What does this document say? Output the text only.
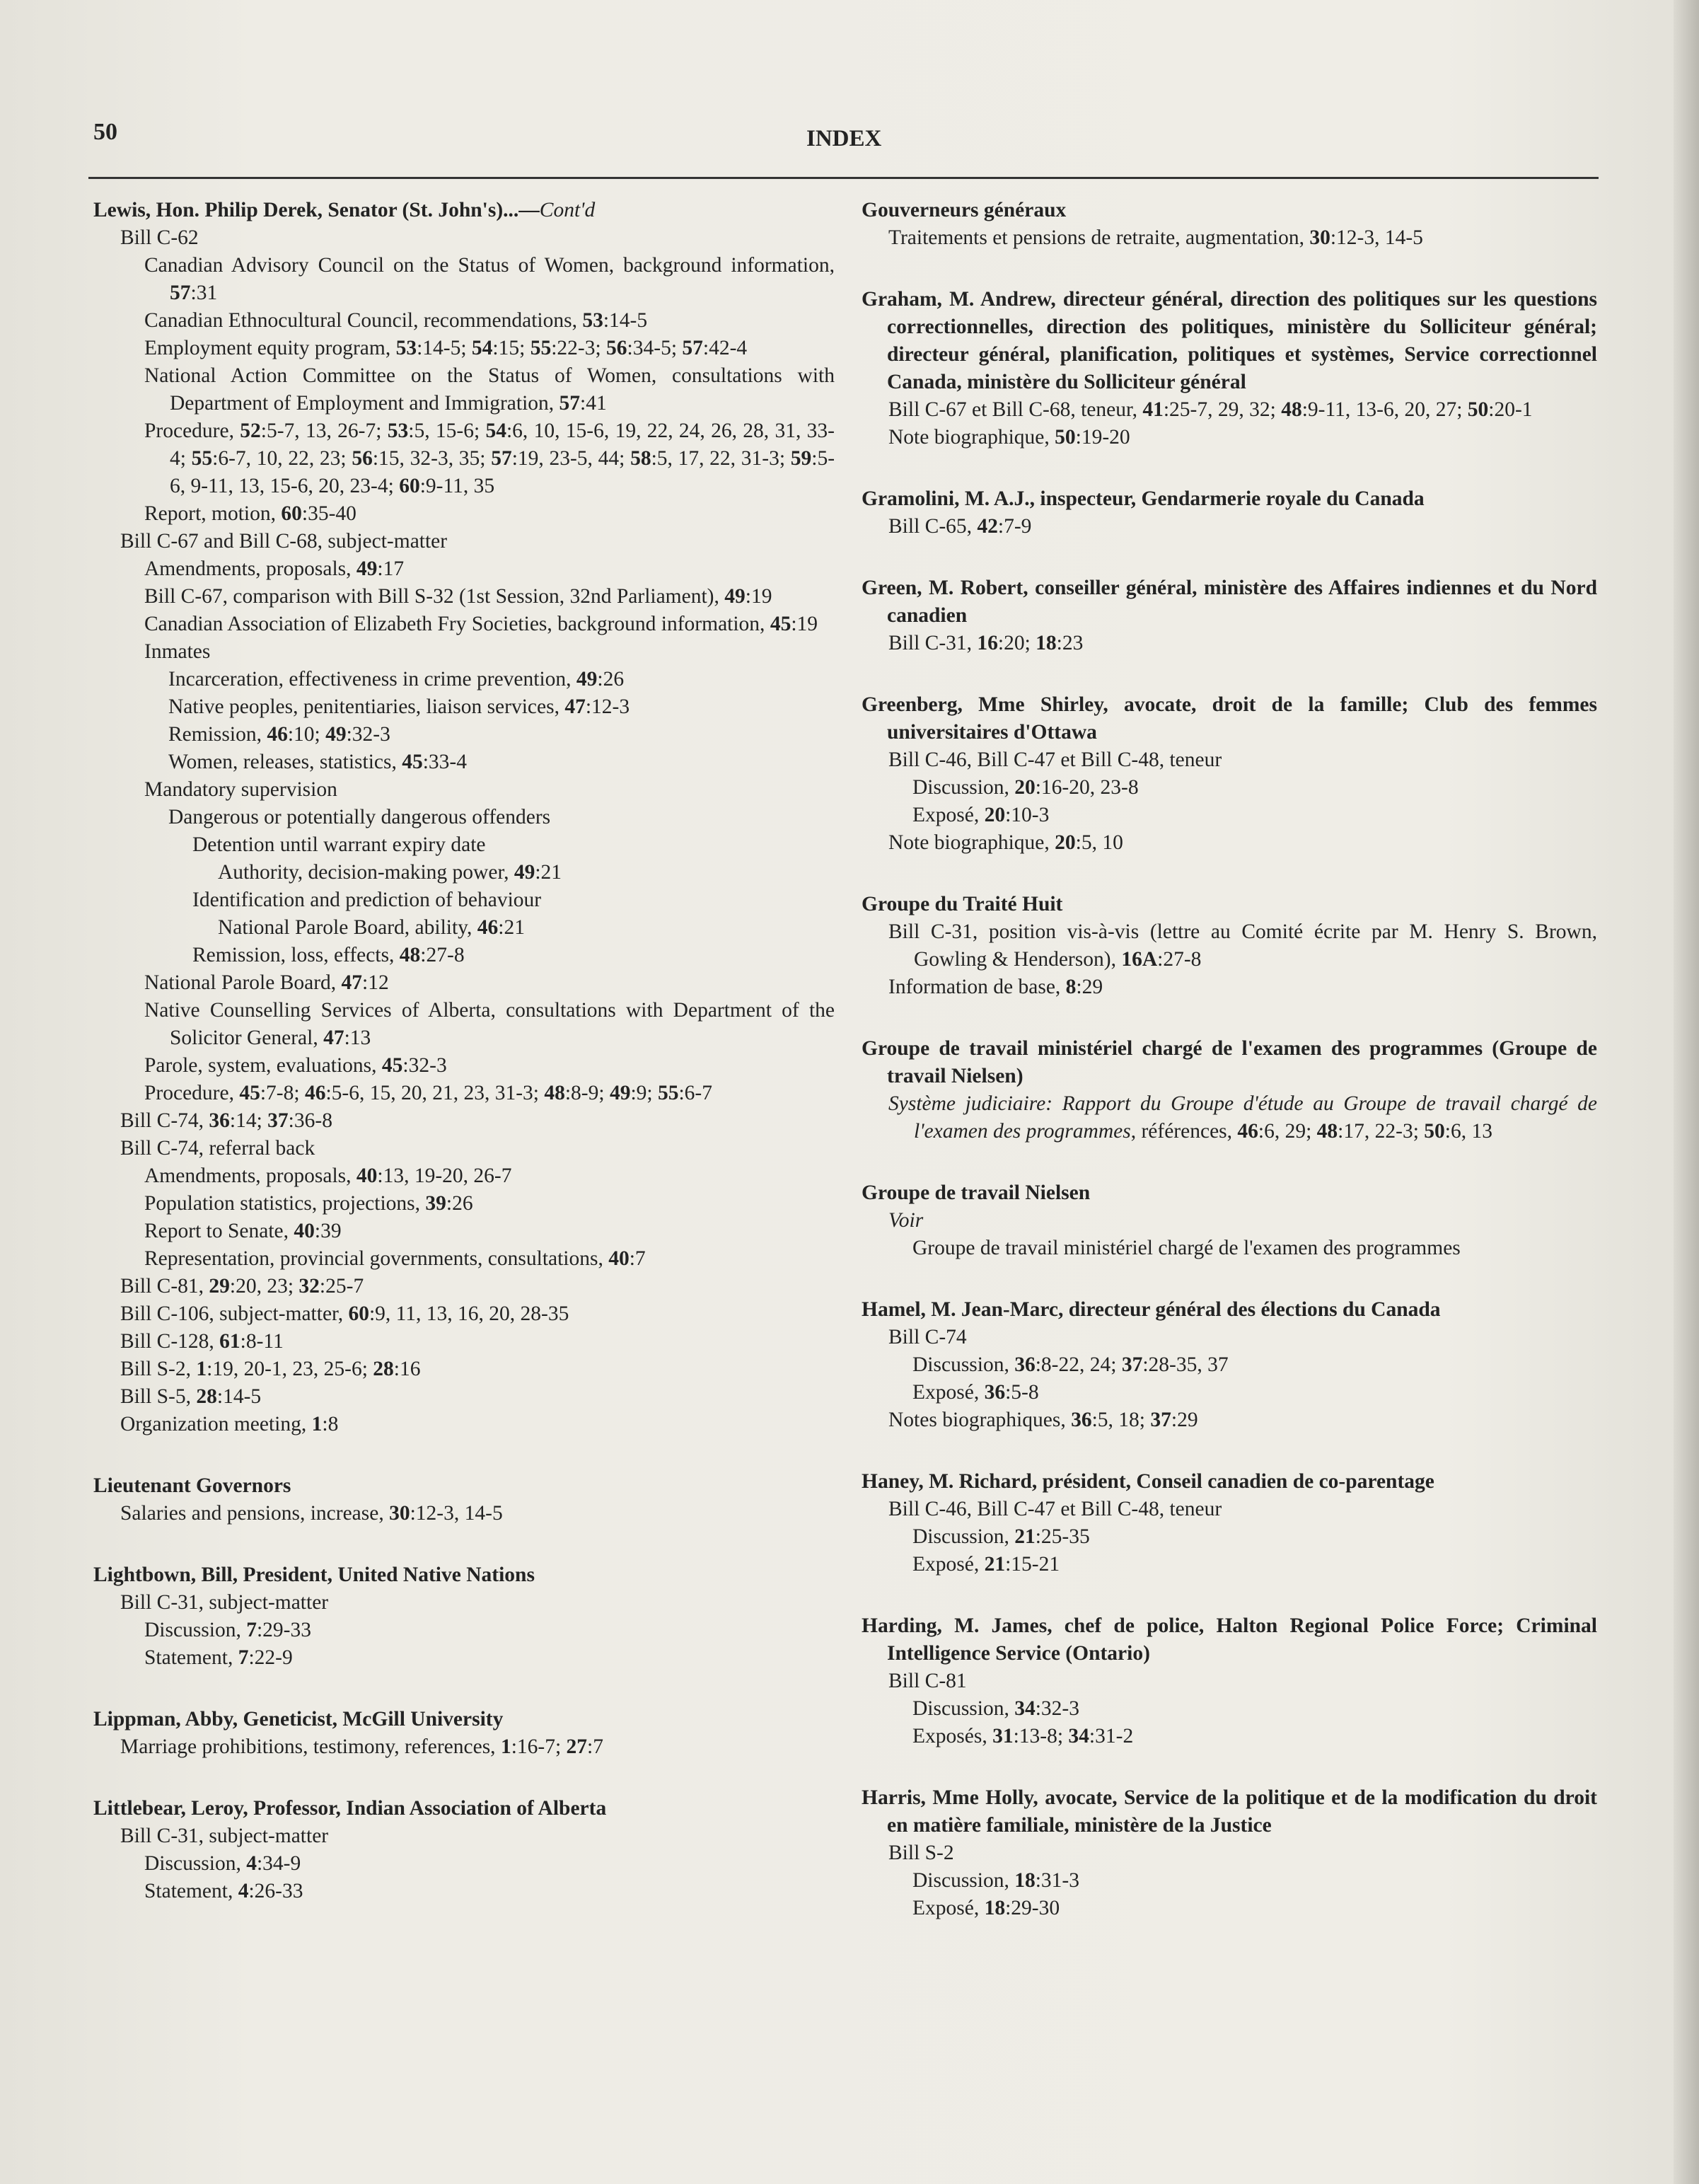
50	INDEX
Lewis, Hon. Philip Derek, Senator (St. John's)...—Cont'd
Bill C-62
Canadian Advisory Council on the Status of Women, background information, 57:31
Canadian Ethnocultural Council, recommendations, 53:14-5
Employment equity program, 53:14-5; 54:15; 55:22-3; 56:34-5; 57:42-4
National Action Committee on the Status of Women, consultations with Department of Employment and Immigration, 57:41
Procedure, 52:5-7, 13, 26-7; 53:5, 15-6; 54:6, 10, 15-6, 19, 22, 24, 26, 28, 31, 33-4; 55:6-7, 10, 22, 23; 56:15, 32-3, 35; 57:19, 23-5, 44; 58:5, 17, 22, 31-3; 59:5-6, 9-11, 13, 15-6, 20, 23-4; 60:9-11, 35
Report, motion, 60:35-40
Bill C-67 and Bill C-68, subject-matter
Amendments, proposals, 49:17
Bill C-67, comparison with Bill S-32 (1st Session, 32nd Parliament), 49:19
Canadian Association of Elizabeth Fry Societies, background information, 45:19
Inmates
Incarceration, effectiveness in crime prevention, 49:26
Native peoples, penitentiaries, liaison services, 47:12-3
Remission, 46:10; 49:32-3
Women, releases, statistics, 45:33-4
Mandatory supervision
Dangerous or potentially dangerous offenders
Detention until warrant expiry date
Authority, decision-making power, 49:21
Identification and prediction of behaviour
National Parole Board, ability, 46:21
Remission, loss, effects, 48:27-8
National Parole Board, 47:12
Native Counselling Services of Alberta, consultations with Department of the Solicitor General, 47:13
Parole, system, evaluations, 45:32-3
Procedure, 45:7-8; 46:5-6, 15, 20, 21, 23, 31-3; 48:8-9; 49:9; 55:6-7
Bill C-74, 36:14; 37:36-8
Bill C-74, referral back
Amendments, proposals, 40:13, 19-20, 26-7
Population statistics, projections, 39:26
Report to Senate, 40:39
Representation, provincial governments, consultations, 40:7
Bill C-81, 29:20, 23; 32:25-7
Bill C-106, subject-matter, 60:9, 11, 13, 16, 20, 28-35
Bill C-128, 61:8-11
Bill S-2, 1:19, 20-1, 23, 25-6; 28:16
Bill S-5, 28:14-5
Organization meeting, 1:8
Lieutenant Governors
Salaries and pensions, increase, 30:12-3, 14-5
Lightbown, Bill, President, United Native Nations
Bill C-31, subject-matter
Discussion, 7:29-33
Statement, 7:22-9
Lippman, Abby, Geneticist, McGill University
Marriage prohibitions, testimony, references, 1:16-7; 27:7
Littlebear, Leroy, Professor, Indian Association of Alberta
Bill C-31, subject-matter
Discussion, 4:34-9
Statement, 4:26-33
Gouverneurs généraux
Traitements et pensions de retraite, augmentation, 30:12-3, 14-5
Graham, M. Andrew, directeur général, direction des politiques sur les questions correctionnelles, direction des politiques, ministère du Solliciteur général; directeur général, planification, politiques et systèmes, Service correctionnel Canada, ministère du Solliciteur général
Bill C-67 et Bill C-68, teneur, 41:25-7, 29, 32; 48:9-11, 13-6, 20, 27; 50:20-1
Note biographique, 50:19-20
Gramolini, M. A.J., inspecteur, Gendarmerie royale du Canada
Bill C-65, 42:7-9
Green, M. Robert, conseiller général, ministère des Affaires indiennes et du Nord canadien
Bill C-31, 16:20; 18:23
Greenberg, Mme Shirley, avocate, droit de la famille; Club des femmes universitaires d'Ottawa
Bill C-46, Bill C-47 et Bill C-48, teneur
Discussion, 20:16-20, 23-8
Exposé, 20:10-3
Note biographique, 20:5, 10
Groupe du Traité Huit
Bill C-31, position vis-à-vis (lettre au Comité écrite par M. Henry S. Brown, Gowling & Henderson), 16A:27-8
Information de base, 8:29
Groupe de travail ministériel chargé de l'examen des programmes (Groupe de travail Nielsen)
Système judiciaire: Rapport du Groupe d'étude au Groupe de travail chargé de l'examen des programmes, références, 46:6, 29; 48:17, 22-3; 50:6, 13
Groupe de travail Nielsen
Voir
Groupe de travail ministériel chargé de l'examen des programmes
Hamel, M. Jean-Marc, directeur général des élections du Canada
Bill C-74
Discussion, 36:8-22, 24; 37:28-35, 37
Exposé, 36:5-8
Notes biographiques, 36:5, 18; 37:29
Haney, M. Richard, président, Conseil canadien de co-parentage
Bill C-46, Bill C-47 et Bill C-48, teneur
Discussion, 21:25-35
Exposé, 21:15-21
Harding, M. James, chef de police, Halton Regional Police Force; Criminal Intelligence Service (Ontario)
Bill C-81
Discussion, 34:32-3
Exposés, 31:13-8; 34:31-2
Harris, Mme Holly, avocate, Service de la politique et de la modification du droit en matière familiale, ministère de la Justice
Bill S-2
Discussion, 18:31-3
Exposé, 18:29-30
